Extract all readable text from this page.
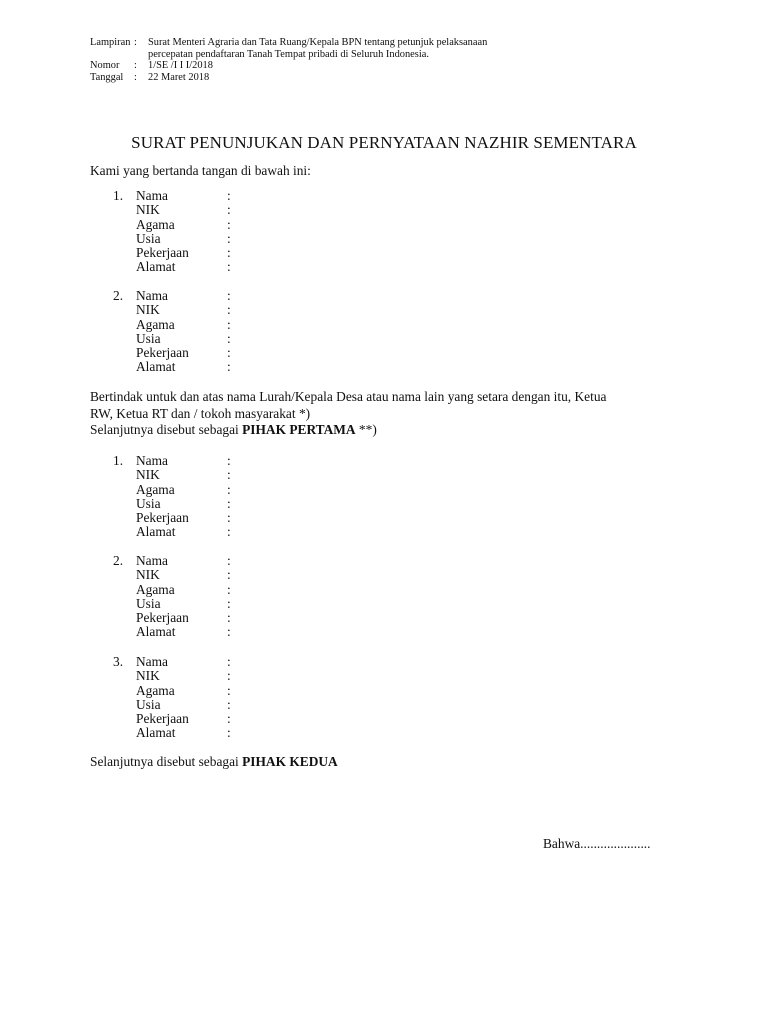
Lampiran :	Surat Menteri Agraria dan Tata Ruang/Kepala BPN tentang petunjuk pelaksanaan
percepatan pendaftaran Tanah Tempat pribadi di Seluruh Indonesia.
Nomor	:	1/SE /I I I/2018
Tanggal	:	22 Maret 2018
SURAT PENUNJUKAN DAN PERNYATAAN NAZHIR SEMENTARA
Kami yang bertanda tangan di bawah ini:
1. Nama	:
NIK	:
Agama	:
Usia	:
Pekerjaan	:
Alamat	:
2. Nama	:
NIK	:
Agama	:
Usia	:
Pekerjaan	:
Alamat	:
Bertindak untuk dan atas nama Lurah/Kepala Desa atau nama lain yang setara dengan itu, Ketua
RW, Ketua RT dan / tokoh masyarakat *)
Selanjutnya disebut sebagai PIHAK PERTAMA **)
1. Nama	:
NIK	:
Agama	:
Usia	:
Pekerjaan	:
Alamat	:
2. Nama	:
NIK	:
Agama	:
Usia	:
Pekerjaan	:
Alamat	:
3. Nama	:
NIK	:
Agama	:
Usia	:
Pekerjaan	:
Alamat	:
Selanjutnya disebut sebagai PIHAK KEDUA
Bahwa.....................
